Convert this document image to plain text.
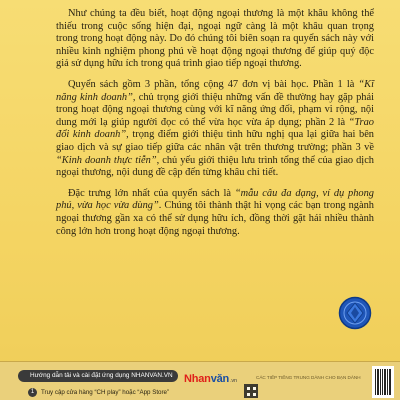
Như chúng ta đều biết, hoạt động ngoại thương là một khâu không thể thiếu trong cuộc sống hiện đại, ngoại ngữ càng là một khâu quan trọng trong trong hoạt động này. Do đó chúng tôi biên soạn ra quyển sách này với nhiều kinh nghiệm phong phú về hoạt động ngoại thương để giúp quý độc giả sử dụng hữu ích trong quá trình giao tiếp ngoại thương.

Quyển sách gồm 3 phần, tổng cộng 47 đơn vị bài học. Phần 1 là “Kĩ năng kinh doanh”, chủ trọng giới thiệu những vấn đề thường hay gặp phải trong hoạt động ngoại thương cùng với kĩ năng ứng đối, phạm vi rộng, nội dung mới lạ giúp người đọc có thể vừa học vừa áp dụng; phần 2 là “Trao đổi kinh doanh”, trọng điểm giới thiệu tình hữu nghị qua lại giữa hai bên giao dịch và sự giao tiếp giữa các nhân vật trên thương trường; phần 3 về “Kinh doanh thực tiễn”, chủ yếu giới thiệu lưu trình tổng thể của giao dịch ngoại thương, nội dung đề cập đến từng khâu chi tiết.

Đặc trưng lớn nhất của quyển sách là “mẫu câu đa dạng, ví dụ phong phú, vừa học vừa dùng”. Chúng tôi thành thật hi vọng các bạn trong ngành ngoại thương gần xa có thể sử dụng hữu ích, đồng thời gặt hái nhiều thành công lớn hơn trong hoạt động ngoại thương.

Hướng dẫn tải và cài đặt ứng dụng NHANVAN.VN
1	Truy cập cửa hàng “CH play” hoặc “App Store”
Nhanvăn.vn
CÁC TIẾP TIẾNG TRUNG DÀNH CHO BẠN DÀNH
